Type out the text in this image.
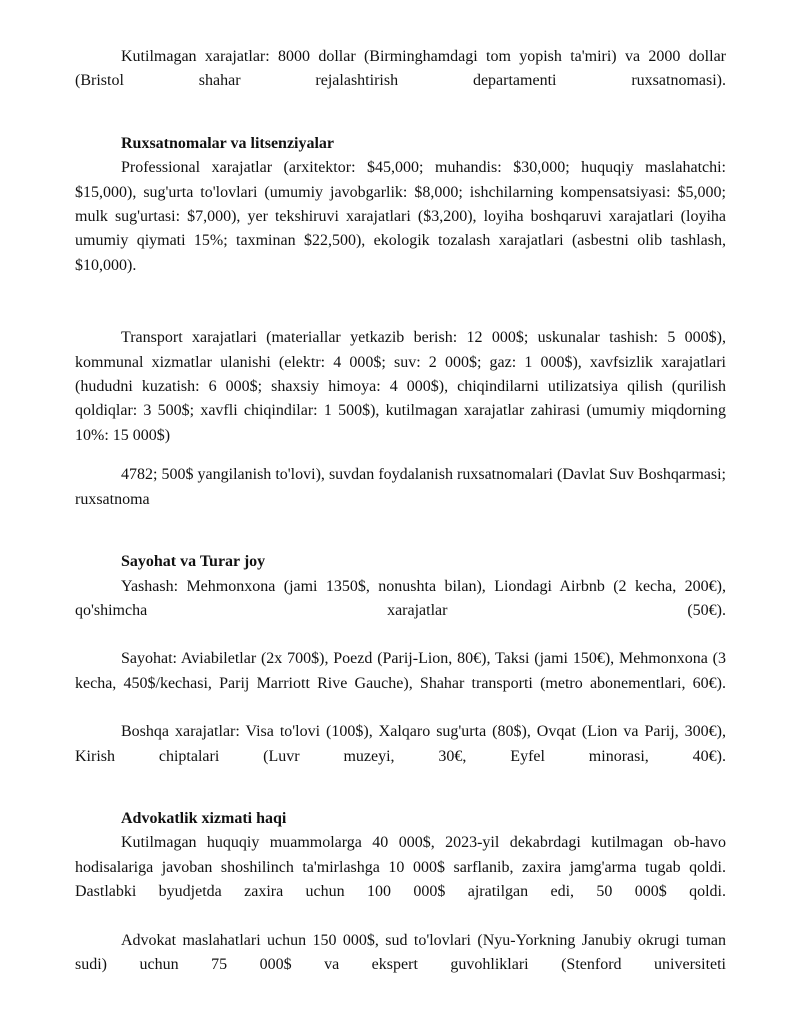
Kutilmagan xarajatlar: 8000 dollar (Birminghamdagi tom yopish ta'miri) va 2000 dollar (Bristol shahar rejalashtirish departamenti ruxsatnomasi).

Ruxsatnomalar va litsenziyalar

Professional xarajatlar (arxitektor: $45,000; muhandis: $30,000; huquqiy maslahatchi: $15,000), sug'urta to'lovlari (umumiy javobgarlik: $8,000; ishchilarning kompensatsiyasi: $5,000; mulk sug'urtasi: $7,000), yer tekshiruvi xarajatlari ($3,200), loyiha boshqaruvi xarajatlari (loyiha umumiy qiymati 15%; taxminan $22,500), ekologik tozalash xarajatlari (asbestni olib tashlash, $10,000).

Transport xarajatlari (materiallar yetkazib berish: 12 000$; uskunalar tashish: 5 000$), kommunal xizmatlar ulanishi (elektr: 4 000$; suv: 2 000$; gaz: 1 000$), xavfsizlik xarajatlari (hududni kuzatish: 6 000$; shaxsiy himoya: 4 000$), chiqindilarni utilizatsiya qilish (qurilish qoldiqlar: 3 500$; xavfli chiqindilar: 1 500$), kutilmagan xarajatlar zahirasi (umumiy miqdorning 10%: 15 000$)

4782; 500$ yangilanish to'lovi), suvdan foydalanish ruxsatnomalari (Davlat Suv Boshqarmasi; ruxsatnoma

Sayohat va Turar joy

Yashash: Mehmonxona (jami 1350$, nonushta bilan), Liondagi Airbnb (2 kecha, 200€), qo'shimcha xarajatlar (50€).

Sayohat: Aviabiletlar (2x 700$), Poezd (Parij-Lion, 80€), Taksi (jami 150€), Mehmonxona (3 kecha, 450$/kechasi, Parij Marriott Rive Gauche), Shahar transporti (metro abonementlari, 60€).

Boshqa xarajatlar: Visa to'lovi (100$), Xalqaro sug'urta (80$), Ovqat (Lion va Parij, 300€), Kirish chiptalari (Luvr muzeyi, 30€, Eyfel minorasi, 40€).

Advokatlik xizmati haqi

Kutilmagan huquqiy muammolarga 40 000$, 2023-yil dekabrdagi kutilmagan ob-havo hodisalariga javoban shoshilinch ta'mirlashga 10 000$ sarflanib, zaxira jamg'arma tugab qoldi. Dastlabki byudjetda zaxira uchun 100 000$ ajratilgan edi, 50 000$ qoldi.

Advokat maslahatlari uchun 150 000$, sud to'lovlari (Nyu-Yorkning Janubiy okrugi tuman sudi) uchun 75 000$ va ekspert guvohliklari (Stenford universiteti
